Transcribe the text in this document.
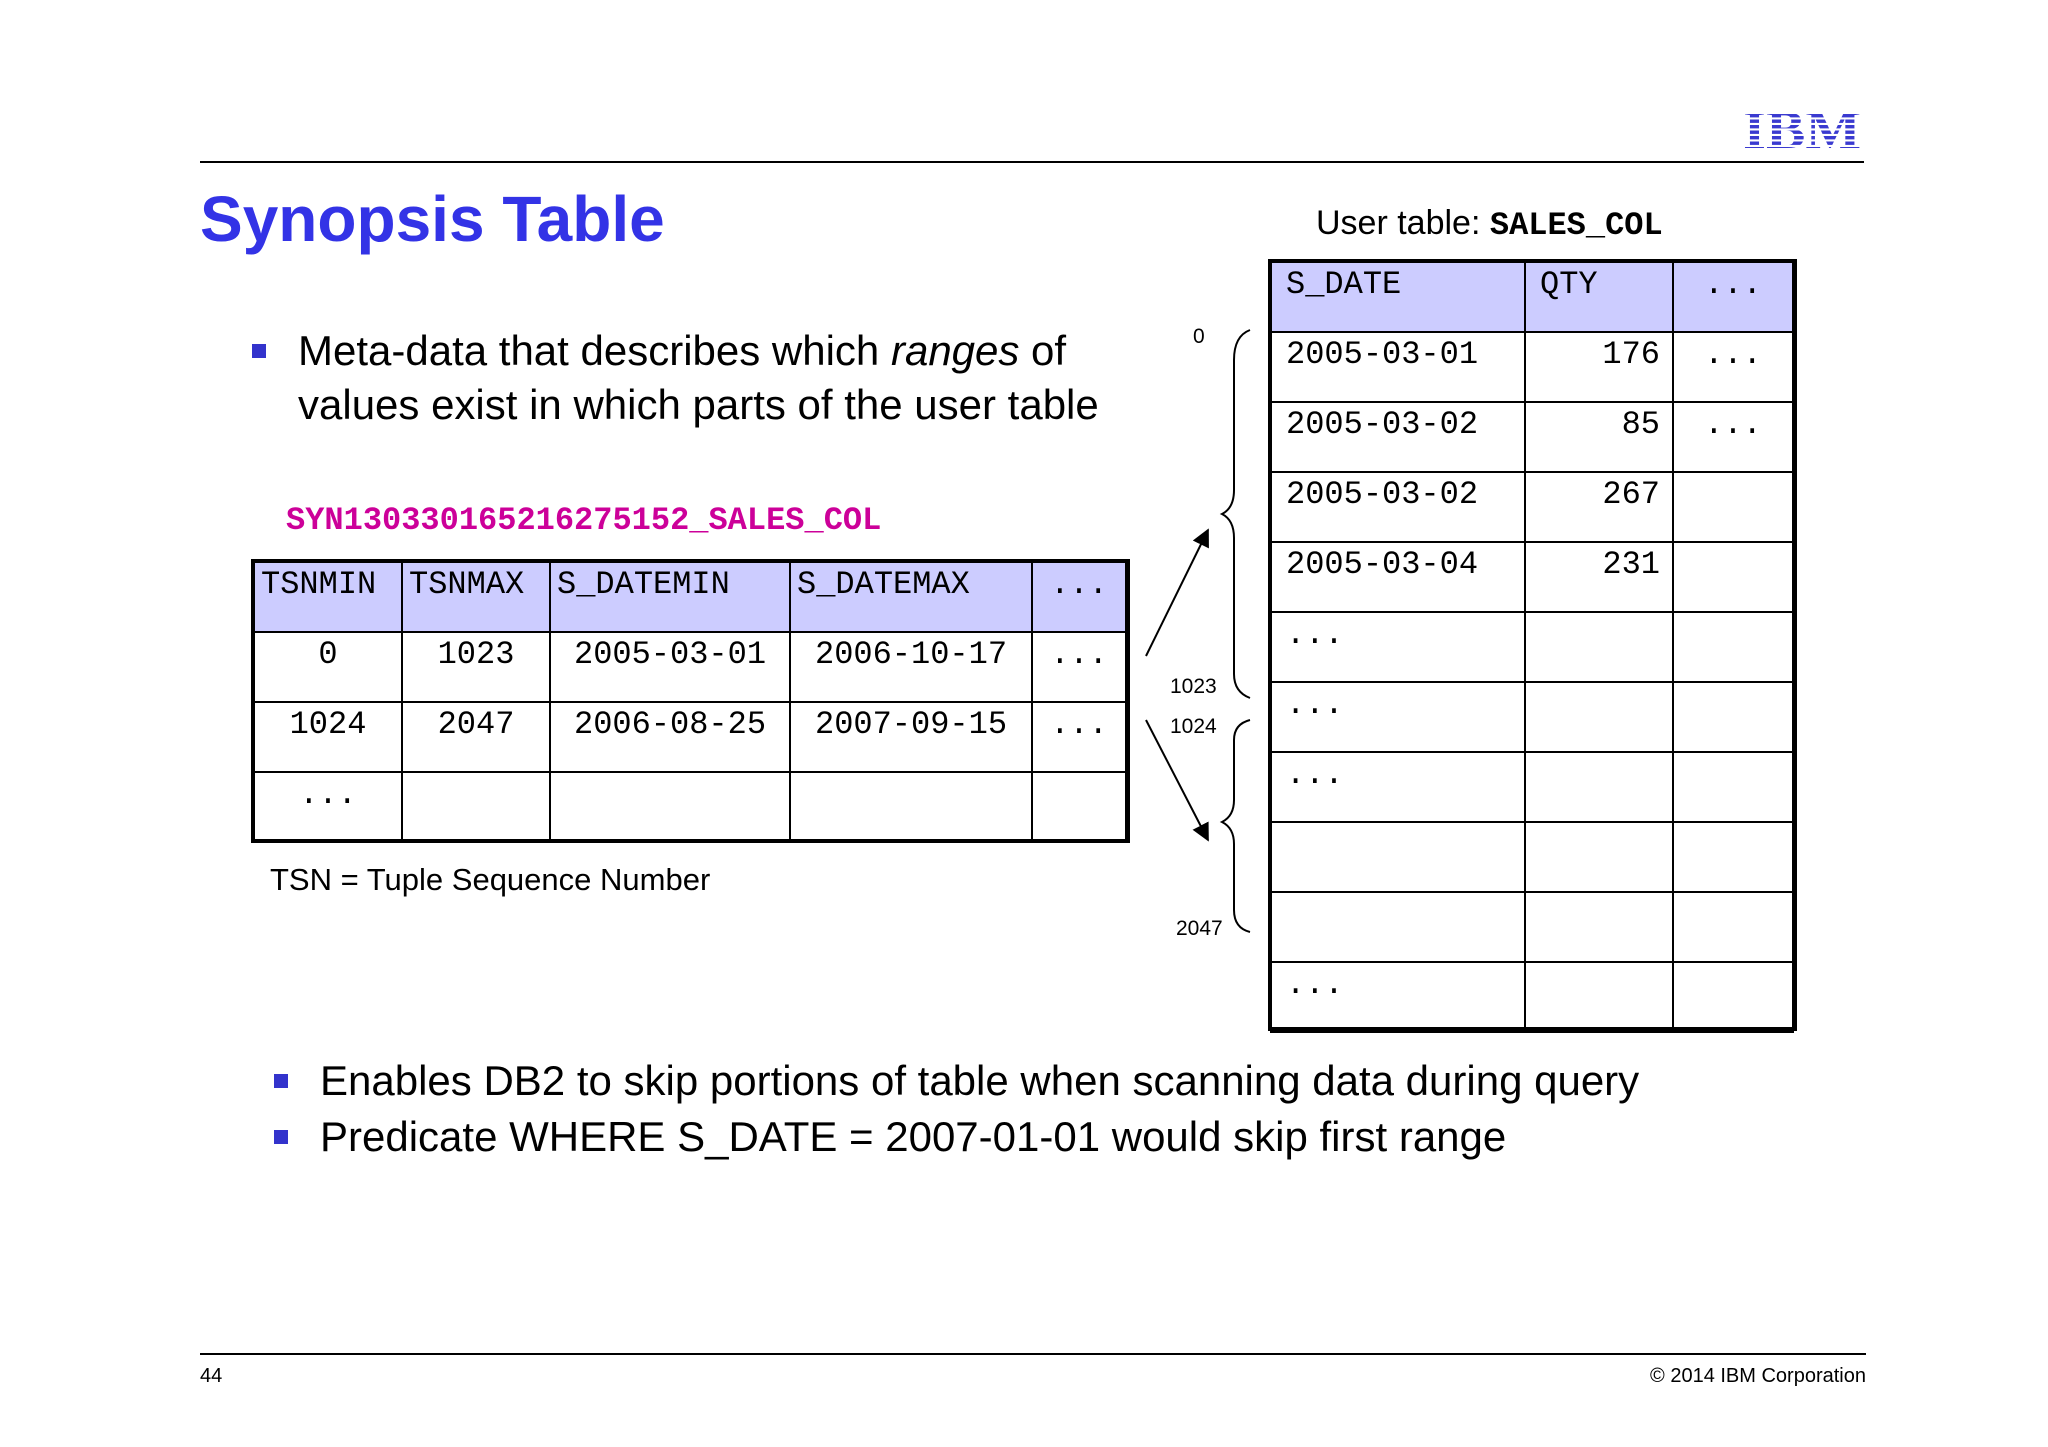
IBM
Synopsis Table
Meta-data that describes which ranges of values exist in which parts of the user table
SYN130330165216275152_SALES_COL
TSNMIN	TSNMAX	S_DATEMIN	S_DATEMAX	...
0	1023	2005-03-01	2006-10-17	...
1024	2047	2006-08-25	2007-09-15	...
...				
TSN = Tuple Sequence Number
User table: SALES_COL
S_DATE	QTY	...
2005-03-01	176	...
2005-03-02	85	...
2005-03-02	267	
2005-03-04	231	
...		
...		
...		

...		
0
1023
1024
2047
Enables DB2 to skip portions of table when scanning data during query
Predicate WHERE S_DATE = 2007-01-01 would skip first range
44	© 2014 IBM Corporation
